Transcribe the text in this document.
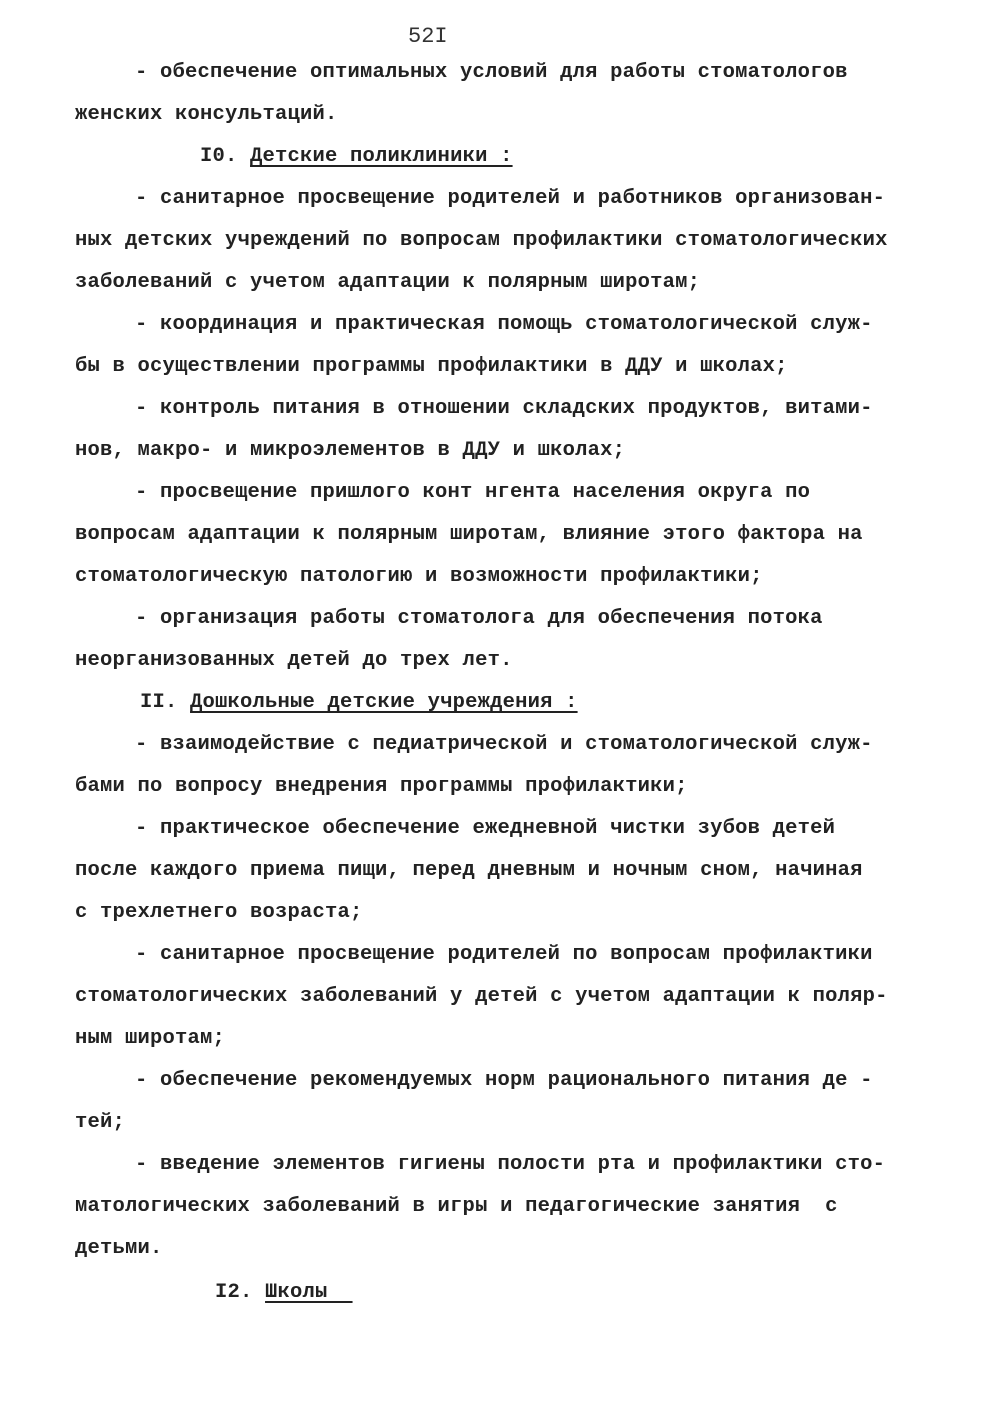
52I
- обеспечение оптимальных условий для работы стоматологов
женских консультаций.
I0. Детские поликлиники :
- санитарное просвещение родителей и работников организован-
ных детских учреждений по вопросам профилактики стоматологических
заболеваний с учетом адаптации к полярным широтам;
- координация и практическая помощь стоматологической служ-
бы в осуществлении программы профилактики в ДДУ и школах;
- контроль питания в отношении складских продуктов, витами-
нов, макро- и микроэлементов в ДДУ и школах;
- просвещение пришлого конт нгента населения округа по
вопросам адаптации к полярным широтам, влияние этого фактора на
стоматологическую патологию и возможности профилактики;
- организация работы стоматолога для обеспечения потока
неорганизованных детей до трех лет.
II. Дошкольные детские учреждения :
- взаимодействие с педиатрической и стоматологической служ-
бами по вопросу внедрения программы профилактики;
- практическое обеспечение ежедневной чистки зубов детей
после каждого приема пищи, перед дневным и ночным сном, начиная
с трехлетнего возраста;
- санитарное просвещение родителей по вопросам профилактики
стоматологических заболеваний у детей с учетом адаптации к поляр-
ным широтам;
- обеспечение рекомендуемых норм рационального питания де -
тей;
- введение элементов гигиены полости рта и профилактики сто-
матологических заболеваний в игры и педагогические занятия  с
детьми.
I2. Школы
